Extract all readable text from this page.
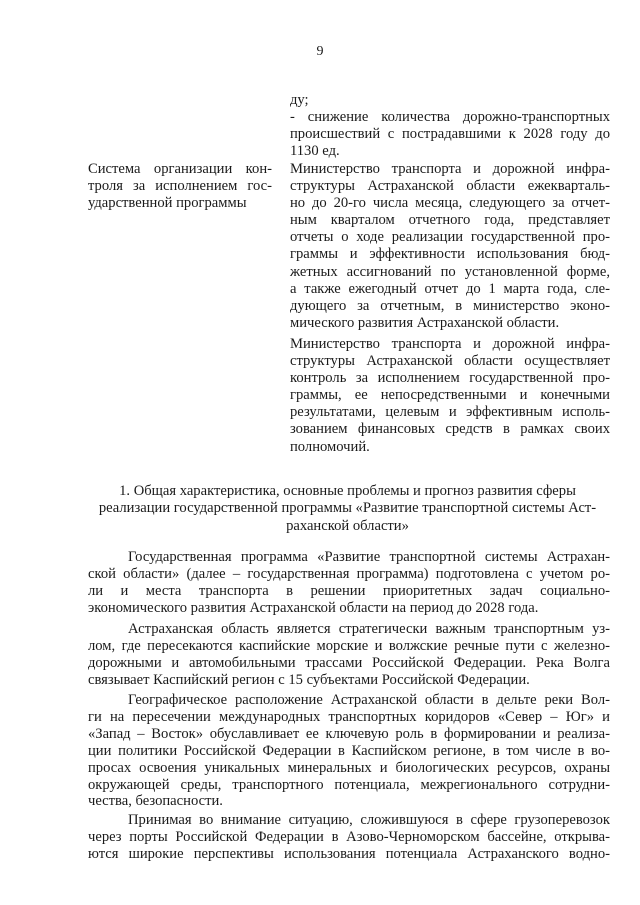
9
ду;
- снижение количества дорожно-транспортных
происшествий с пострадавшими к 2028 году до
1130 ед.
Система организации кон-
троля за исполнением гос-
ударственной программы
Министерство транспорта и дорожной инфра-
структуры Астраханской области ежекварталь-
но до 20-го числа месяца, следующего за отчет-
ным кварталом отчетного года, представляет
отчеты о ходе реализации государственной про-
граммы и эффективности использования бюд-
жетных ассигнований по установленной форме,
а также ежегодный отчет до 1 марта года, сле-
дующего за отчетным, в министерство эконо-
мического развития Астраханской области.
Министерство транспорта и дорожной инфра-
структуры Астраханской области осуществляет
контроль за исполнением государственной про-
граммы, ее непосредственными и конечными
результатами, целевым и эффективным исполь-
зованием финансовых средств в рамках своих
полномочий.
1. Общая характеристика, основные проблемы и прогноз развития сферы
реализации государственной программы «Развитие транспортной системы Аст-
раханской области»
Государственная программа «Развитие транспортной системы Астрахан-
ской области» (далее – государственная программа) подготовлена с учетом ро-
ли и места транспорта в решении приоритетных задач социально-
экономического развития Астраханской области на период до 2028 года.
Астраханская область является стратегически важным транспортным уз-
лом, где пересекаются каспийские морские и волжские речные пути с железно-
дорожными и автомобильными трассами Российской Федерации. Река Волга
связывает Каспийский регион с 15 субъектами Российской Федерации.
Географическое расположение Астраханской области в дельте реки Вол-
ги на пересечении международных транспортных коридоров «Север – Юг» и
«Запад – Восток» обуславливает ее ключевую роль в формировании и реализа-
ции политики Российской Федерации в Каспийском регионе, в том числе в во-
просах освоения уникальных минеральных и биологических ресурсов, охраны
окружающей среды, транспортного потенциала, межрегионального сотрудни-
чества, безопасности.
Принимая во внимание ситуацию, сложившуюся в сфере грузоперевозок
через порты Российской Федерации в Азово-Черноморском бассейне, открыва-
ются широкие перспективы использования потенциала Астраханского водно-
